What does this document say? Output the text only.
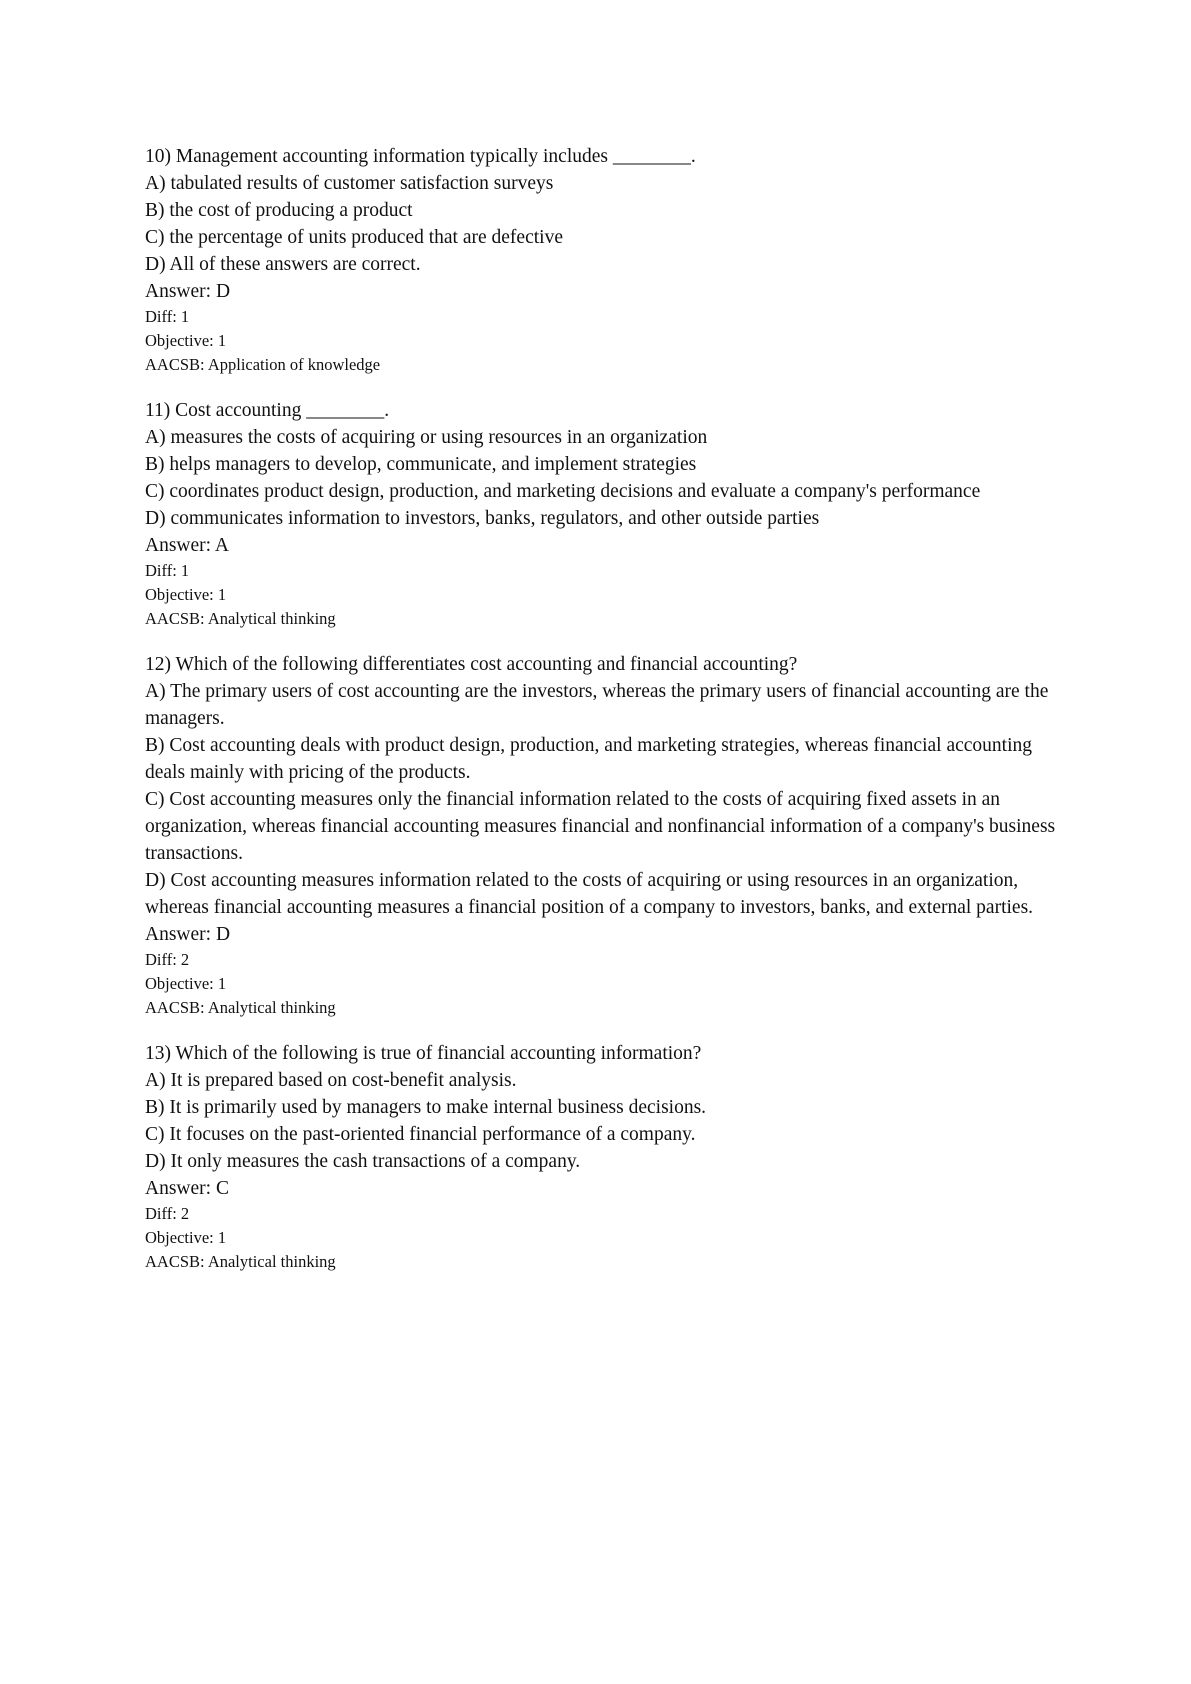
10) Management accounting information typically includes ________.

A) tabulated results of customer satisfaction surveys

B) the cost of producing a product

C) the percentage of units produced that are defective

D) All of these answers are correct.

Answer: D

Diff: 1

Objective: 1

AACSB: Application of knowledge

11) Cost accounting ________.

A) measures the costs of acquiring or using resources in an organization

B) helps managers to develop, communicate, and implement strategies

C) coordinates product design, production, and marketing decisions and evaluate a company's performance

D) communicates information to investors, banks, regulators, and other outside parties

Answer: A

Diff: 1

Objective: 1

AACSB: Analytical thinking

12) Which of the following differentiates cost accounting and financial accounting?

A) The primary users of cost accounting are the investors, whereas the primary users of financial accounting are the managers.

B) Cost accounting deals with product design, production, and marketing strategies, whereas financial accounting deals mainly with pricing of the products.

C) Cost accounting measures only the financial information related to the costs of acquiring fixed assets in an organization, whereas financial accounting measures financial and nonfinancial information of a company's business transactions.

D) Cost accounting measures information related to the costs of acquiring or using resources in an organization, whereas financial accounting measures a financial position of a company to investors, banks, and external parties.

Answer: D

Diff: 2

Objective: 1

AACSB: Analytical thinking

13) Which of the following is true of financial accounting information?

A) It is prepared based on cost-benefit analysis.

B) It is primarily used by managers to make internal business decisions.

C) It focuses on the past-oriented financial performance of a company.

D) It only measures the cash transactions of a company.

Answer: C

Diff: 2

Objective: 1

AACSB: Analytical thinking
